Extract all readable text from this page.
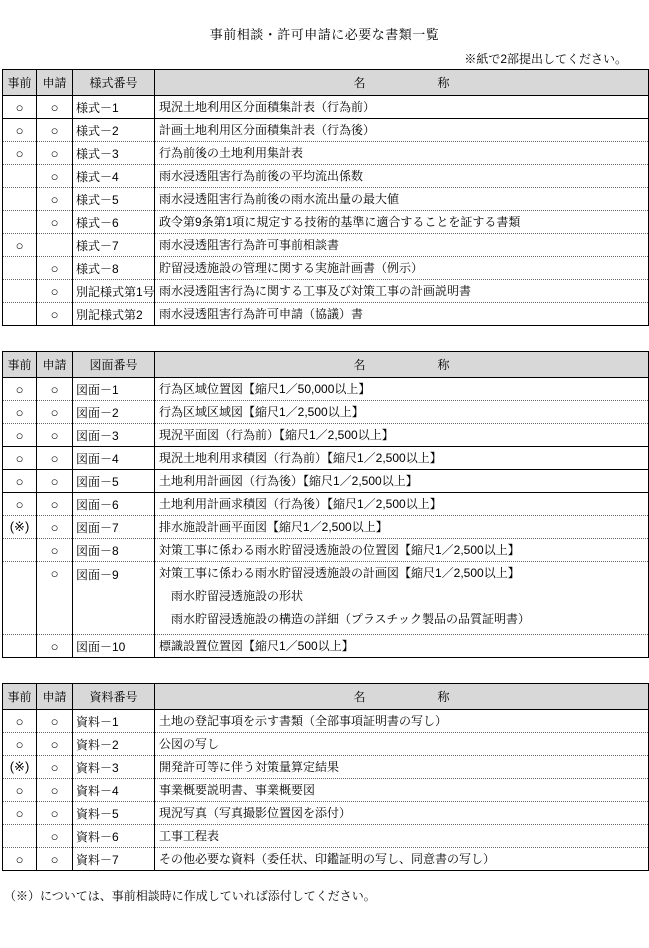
事前相談・許可申請に必要な書類一覧
※紙で2部提出してください。
事前	申請	様式番号	名　　　　　　称
○	○	様式－1	現況土地利用区分面積集計表（行為前）

○	○	様式－2	計画土地利用区分面積集計表（行為後）

○	○	様式－3	行為前後の土地利用集計表

	○	様式－4	雨水浸透阻害行為前後の平均流出係数

	○	様式－5	雨水浸透阻害行為前後の雨水流出量の最大値

	○	様式－6	政令第9条第1項に規定する技術的基準に適合することを証する書類

○		様式－7	雨水浸透阻害行為許可事前相談書

	○	様式－8	貯留浸透施設の管理に関する実施計画書（例示）

	○	別記様式第1号	雨水浸透阻害行為に関する工事及び対策工事の計画説明書

	○	別記様式第2	雨水浸透阻害行為許可申請（協議）書
事前	申請	図面番号	名　　　　　　称
○	○	図面－1	行為区域位置図【縮尺1／50,000以上】

○	○	図面－2	行為区域区域図【縮尺1／2,500以上】

○	○	図面－3	現況平面図（行為前）【縮尺1／2,500以上】

○	○	図面－4	現況土地利用求積図（行為前）【縮尺1／2,500以上】

○	○	図面－5	土地利用計画図（行為後）【縮尺1／2,500以上】

○	○	図面－6	土地利用計画求積図（行為後）【縮尺1／2,500以上】

(※)	○	図面－7	排水施設計画平面図【縮尺1／2,500以上】

	○	図面－8	対策工事に係わる雨水貯留浸透施設の位置図【縮尺1／2,500以上】

	○	図面－9	対策工事に係わる雨水貯留浸透施設の計画図【縮尺1／2,500以上】
雨水貯留浸透施設の形状
雨水貯留浸透施設の構造の詳細（プラスチック製品の品質証明書）

	○	図面－10	標識設置位置図【縮尺1／500以上】
事前	申請	資料番号	名　　　　　　称
○	○	資料－1	土地の登記事項を示す書類（全部事項証明書の写し）

○	○	資料－2	公図の写し

(※)	○	資料－3	開発許可等に伴う対策量算定結果

○	○	資料－4	事業概要説明書、事業概要図

○	○	資料－5	現況写真（写真撮影位置図を添付）

	○	資料－6	工事工程表

○	○	資料－7	その他必要な資料（委任状、印鑑証明の写し、同意書の写し）
（※）については、事前相談時に作成していれば添付してください。
